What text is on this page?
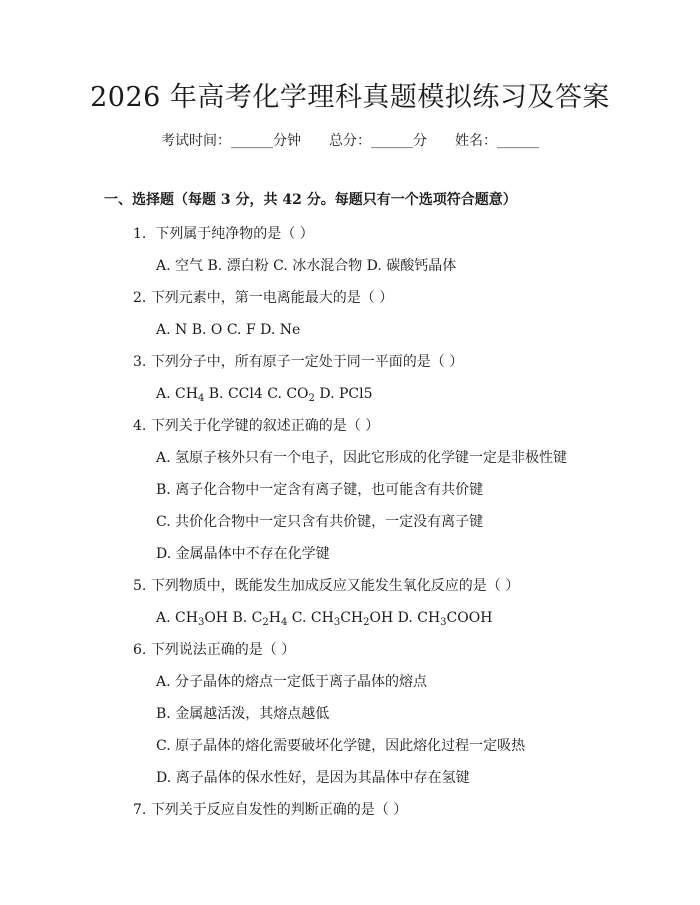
2026 年高考化学理科真题模拟练习及答案
考试时间：______分钟 总分：______分 姓名：______
一、选择题（每题 3 分，共 42 分。每题只有一个选项符合题意）
1.  下列属于纯净物的是（ ）
A. 空气 B. 漂白粉 C. 冰水混合物 D. 碳酸钙晶体
2. 下列元素中，第一电离能最大的是（ ）
A. N B. O C. F D. Ne
3. 下列分子中，所有原子一定处于同一平面的是（ ）
A. $CH_4$ B. CCl4 C. $CO_2$ D. PCl5
4. 下列关于化学键的叙述正确的是（ ）
A. 氢原子核外只有一个电子，因此它形成的化学键一定是非极性键
B. 离子化合物中一定含有离子键，也可能含有共价键
C. 共价化合物中一定只含有共价键，一定没有离子键
D. 金属晶体中不存在化学键
5. 下列物质中，既能发生加成反应又能发生氧化反应的是（ ）
A. $CH_3OH$ B. $C_2H_4$ C. $CH_3CH_2OH$ D. $CH_3COOH$
6. 下列说法正确的是（ ）
A. 分子晶体的熔点一定低于离子晶体的熔点
B. 金属越活泼，其熔点越低
C. 原子晶体的熔化需要破坏化学键，因此熔化过程一定吸热
D. 离子晶体的保水性好，是因为其晶体中存在氢键
7. 下列关于反应自发性的判断正确的是（ ）
